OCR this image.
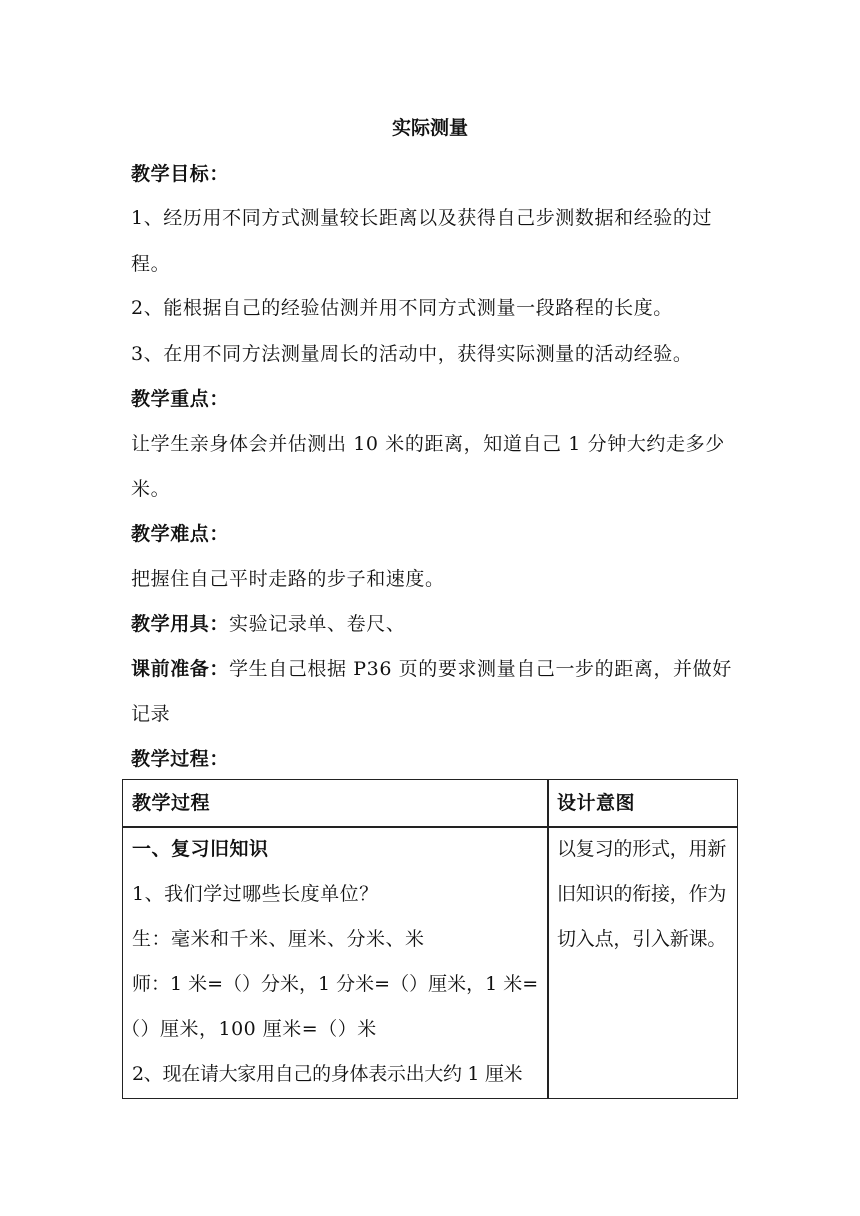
实际测量
教学目标：
1、经历用不同方式测量较长距离以及获得自己步测数据和经验的过
程。
2、能根据自己的经验估测并用不同方式测量一段路程的长度。
3、在用不同方法测量周长的活动中，获得实际测量的活动经验。
教学重点：
让学生亲身体会并估测出 10 米的距离，知道自己 1 分钟大约走多少
米。
教学难点：
把握住自己平时走路的步子和速度。
教学用具：实验记录单、卷尺、
课前准备：学生自己根据 P36 页的要求测量自己一步的距离，并做好
记录
教学过程：
教学过程	设计意图
一、复习旧知识
1、我们学过哪些长度单位？
生：毫米和千米、厘米、分米、米
师：1 米=（）分米，1 分米=（）厘米，1 米=
（）厘米，100 厘米=（）米
2、现在请大家用自己的身体表示出大约 1 厘米
以复习的形式，用新
旧知识的衔接，作为
切入点，引入新课。
